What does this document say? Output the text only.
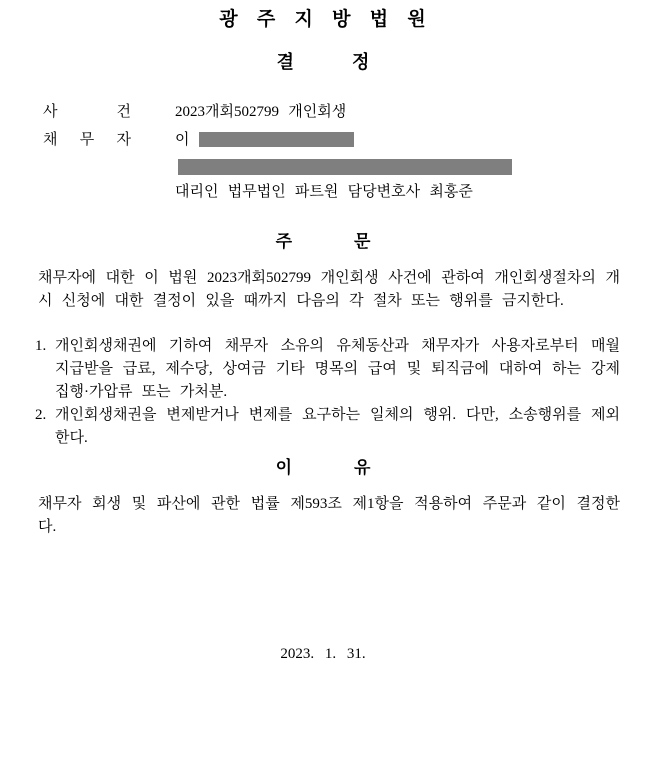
광 주 지 방 법 원
결	정
사	건	2023개회502799 개인회생
채 무 자	이
대리인 법무법인 파트원 담당변호사 최홍준
주	문

채무자에 대한 이 법원 2023개회502799 개인회생 사건에 관하여 개인회생절차의 개시 신청에 대한 결정이 있을 때까지 다음의 각 절차 또는 행위를 금지한다.

1. 개인회생채권에 기하여 채무자 소유의 유체동산과 채무자가 사용자로부터 매월 지급받을 급료, 제수당, 상여금 기타 명목의 급여 및 퇴직금에 대하여 하는 강제집행·가압류 또는 가처분.
2. 개인회생채권을 변제받거나 변제를 요구하는 일체의 행위. 다만, 소송행위를 제외한다.
이	유

채무자 회생 및 파산에 관한 법률 제593조 제1항을 적용하여 주문과 같이 결정한다.

2023. 1. 31.
